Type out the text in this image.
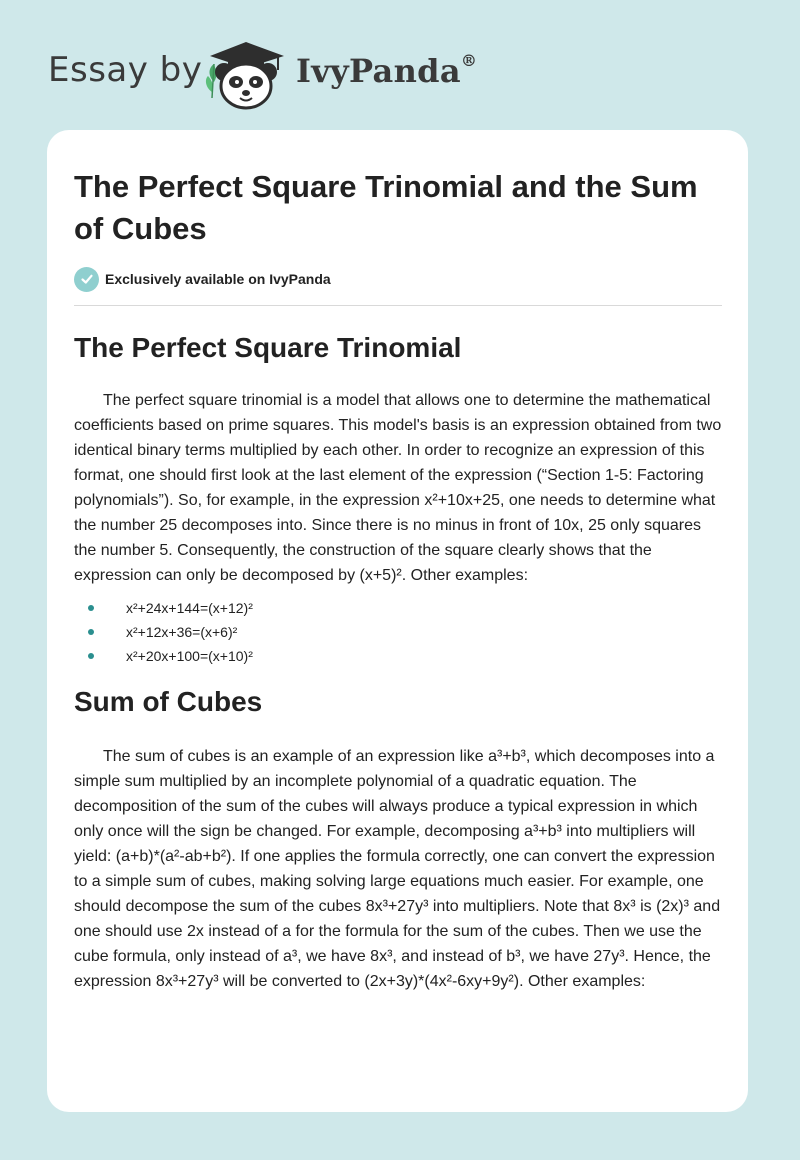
Essay by	IvyPanda®
The Perfect Square Trinomial and the Sum of Cubes
Exclusively available on IvyPanda
The Perfect Square Trinomial

The perfect square trinomial is a model that allows one to determine the mathematical coefficients based on prime squares. This model's basis is an expression obtained from two identical binary terms multiplied by each other. In order to recognize an expression of this format, one should first look at the last element of the expression (“Section 1-5: Factoring polynomials”). So, for example, in the expression x²+10x+25, one needs to determine what the number 25 decomposes into. Since there is no minus in front of 10x, 25 only squares the number 5. Consequently, the construction of the square clearly shows that the expression can only be decomposed by (x+5)². Other examples:

x²+24x+144=(x+12)²
x²+12x+36=(x+6)²
x²+20x+100=(x+10)²
Sum of Cubes

The sum of cubes is an example of an expression like a³+b³, which decomposes into a simple sum multiplied by an incomplete polynomial of a quadratic equation. The decomposition of the sum of the cubes will always produce a typical expression in which only once will the sign be changed. For example, decomposing a³+b³ into multipliers will yield: (a+b)*(a²-ab+b²). If one applies the formula correctly, one can convert the expression to a simple sum of cubes, making solving large equations much easier. For example, one should decompose the sum of the cubes 8x³+27y³ into multipliers. Note that 8x³ is (2x)³ and one should use 2x instead of a for the formula for the sum of the cubes. Then we use the cube formula, only instead of a³, we have 8x³, and instead of b³, we have 27y³. Hence, the expression 8x³+27y³ will be converted to (2x+3y)*(4x²-6xy+9y²). Other examples:
